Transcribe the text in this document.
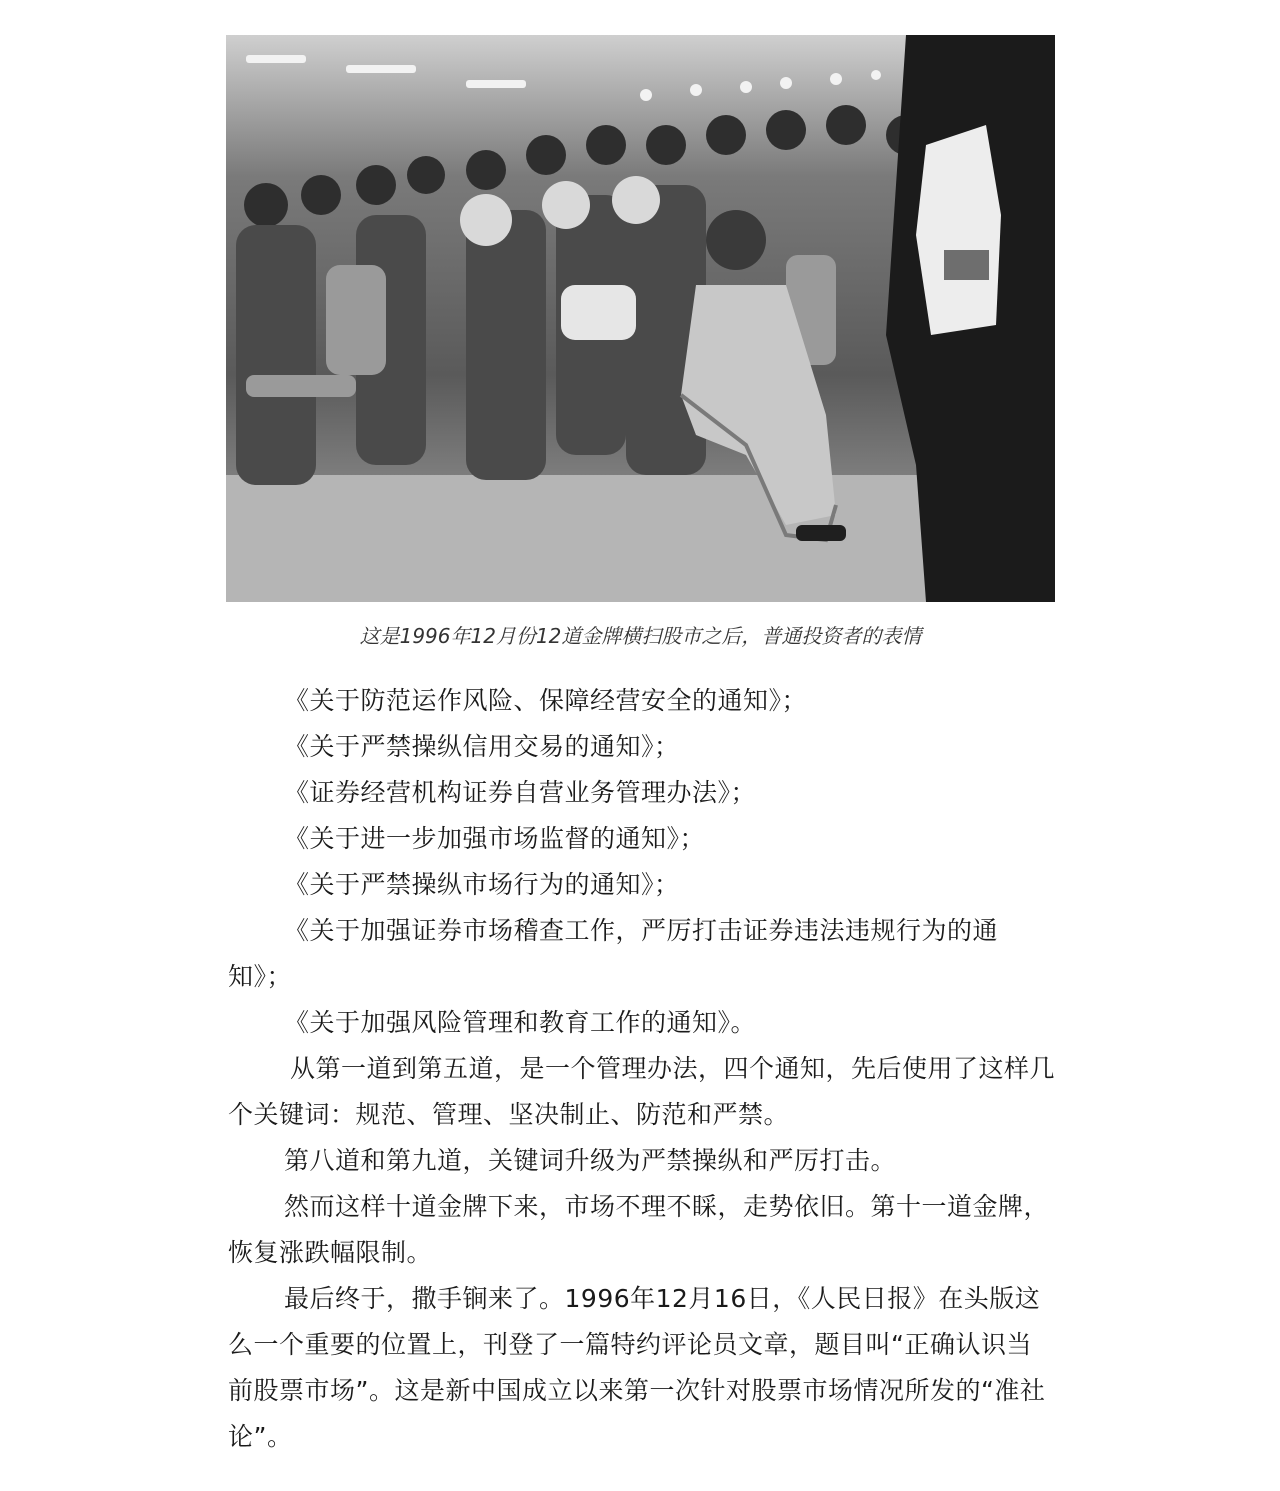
这是1996年12月份12道金牌横扫股市之后，普通投资者的表情

《关于防范运作风险、保障经营安全的通知》；

《关于严禁操纵信用交易的通知》；

《证券经营机构证券自营业务管理办法》；

《关于进一步加强市场监督的通知》；

《关于严禁操纵市场行为的通知》；

《关于加强证券市场稽查工作，严厉打击证券违法违规行为的通知》；

《关于加强风险管理和教育工作的通知》。

从第一道到第五道，是一个管理办法，四个通知，先后使用了这样几个关键词：规范、管理、坚决制止、防范和严禁。

第八道和第九道，关键词升级为严禁操纵和严厉打击。

然而这样十道金牌下来，市场不理不睬，走势依旧。第十一道金牌，恢复涨跌幅限制。

最后终于，撒手锏来了。1996年12月16日，《人民日报》在头版这么一个重要的位置上，刊登了一篇特约评论员文章，题目叫“正确认识当前股票市场”。这是新中国成立以来第一次针对股票市场情况所发的“准社论”。
